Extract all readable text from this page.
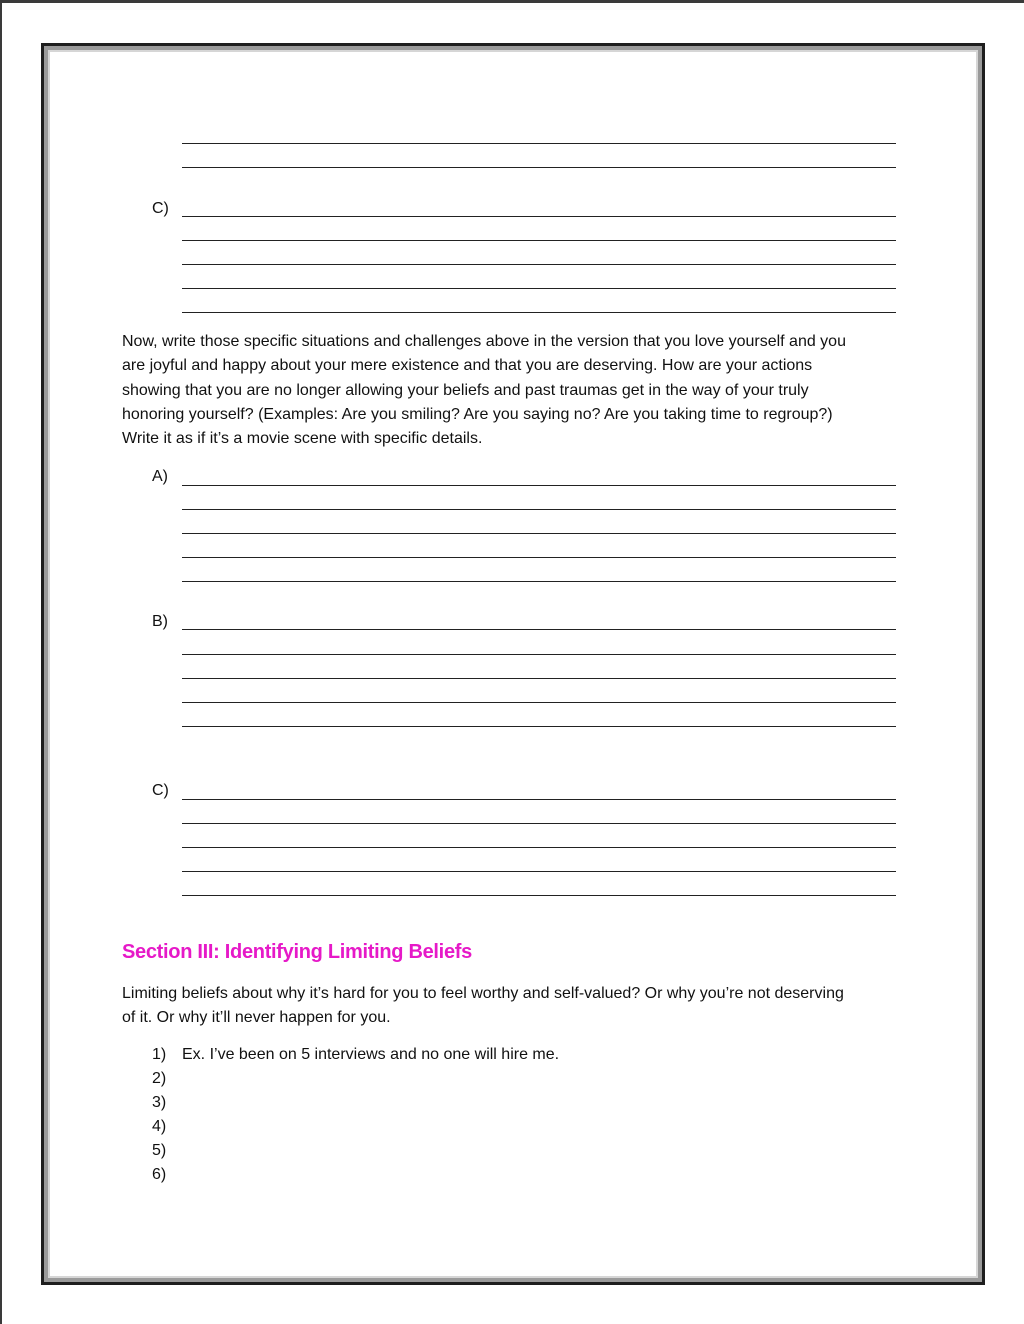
C)
Now, write those specific situations and challenges above in the version that you love yourself and you
are joyful and happy about your mere existence and that you are deserving. How are your actions
showing that you are no longer allowing your beliefs and past traumas get in the way of your truly
honoring yourself? (Examples: Are you smiling? Are you saying no? Are you taking time to regroup?)
Write it as if it’s a movie scene with specific details.
A)
B)
C)
Section III: Identifying Limiting Beliefs
Limiting beliefs about why it’s hard for you to feel worthy and self-valued? Or why you’re not deserving
of it. Or why it’ll never happen for you.
1) Ex. I’ve been on 5 interviews and no one will hire me.
2)
3)
4)
5)
6)
